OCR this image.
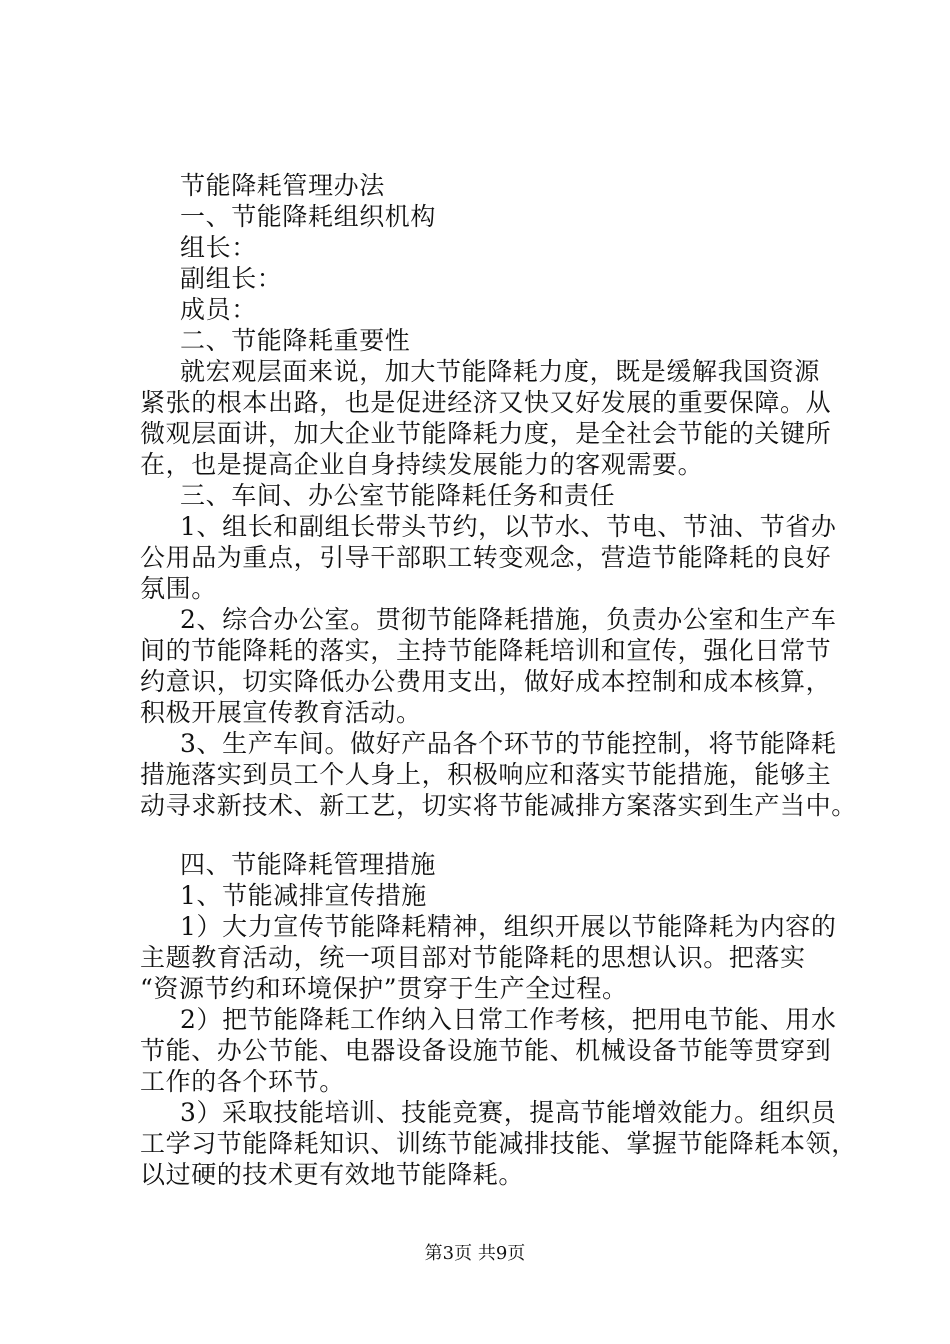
节能降耗管理办法
一、节能降耗组织机构
组长：
副组长：
成员：
二、节能降耗重要性
就宏观层面来说，加大节能降耗力度，既是缓解我国资源
紧张的根本出路，也是促进经济又快又好发展的重要保障。从
微观层面讲，加大企业节能降耗力度，是全社会节能的关键所
在，也是提高企业自身持续发展能力的客观需要。
三、车间、办公室节能降耗任务和责任
1、组长和副组长带头节约，以节水、节电、节油、节省办
公用品为重点，引导干部职工转变观念，营造节能降耗的良好
氛围。
2、综合办公室。贯彻节能降耗措施，负责办公室和生产车
间的节能降耗的落实，主持节能降耗培训和宣传，强化日常节
约意识，切实降低办公费用支出，做好成本控制和成本核算，
积极开展宣传教育活动。
3、生产车间。做好产品各个环节的节能控制，将节能降耗
措施落实到员工个人身上，积极响应和落实节能措施，能够主
动寻求新技术、新工艺，切实将节能减排方案落实到生产当中。
四、节能降耗管理措施
1、节能减排宣传措施
1）大力宣传节能降耗精神，组织开展以节能降耗为内容的
主题教育活动，统一项目部对节能降耗的思想认识。把落实
“资源节约和环境保护”贯穿于生产全过程。
2）把节能降耗工作纳入日常工作考核，把用电节能、用水
节能、办公节能、电器设备设施节能、机械设备节能等贯穿到
工作的各个环节。
3）采取技能培训、技能竞赛，提高节能增效能力。组织员
工学习节能降耗知识、训练节能减排技能、掌握节能降耗本领，
以过硬的技术更有效地节能降耗。
第3页 共9页
